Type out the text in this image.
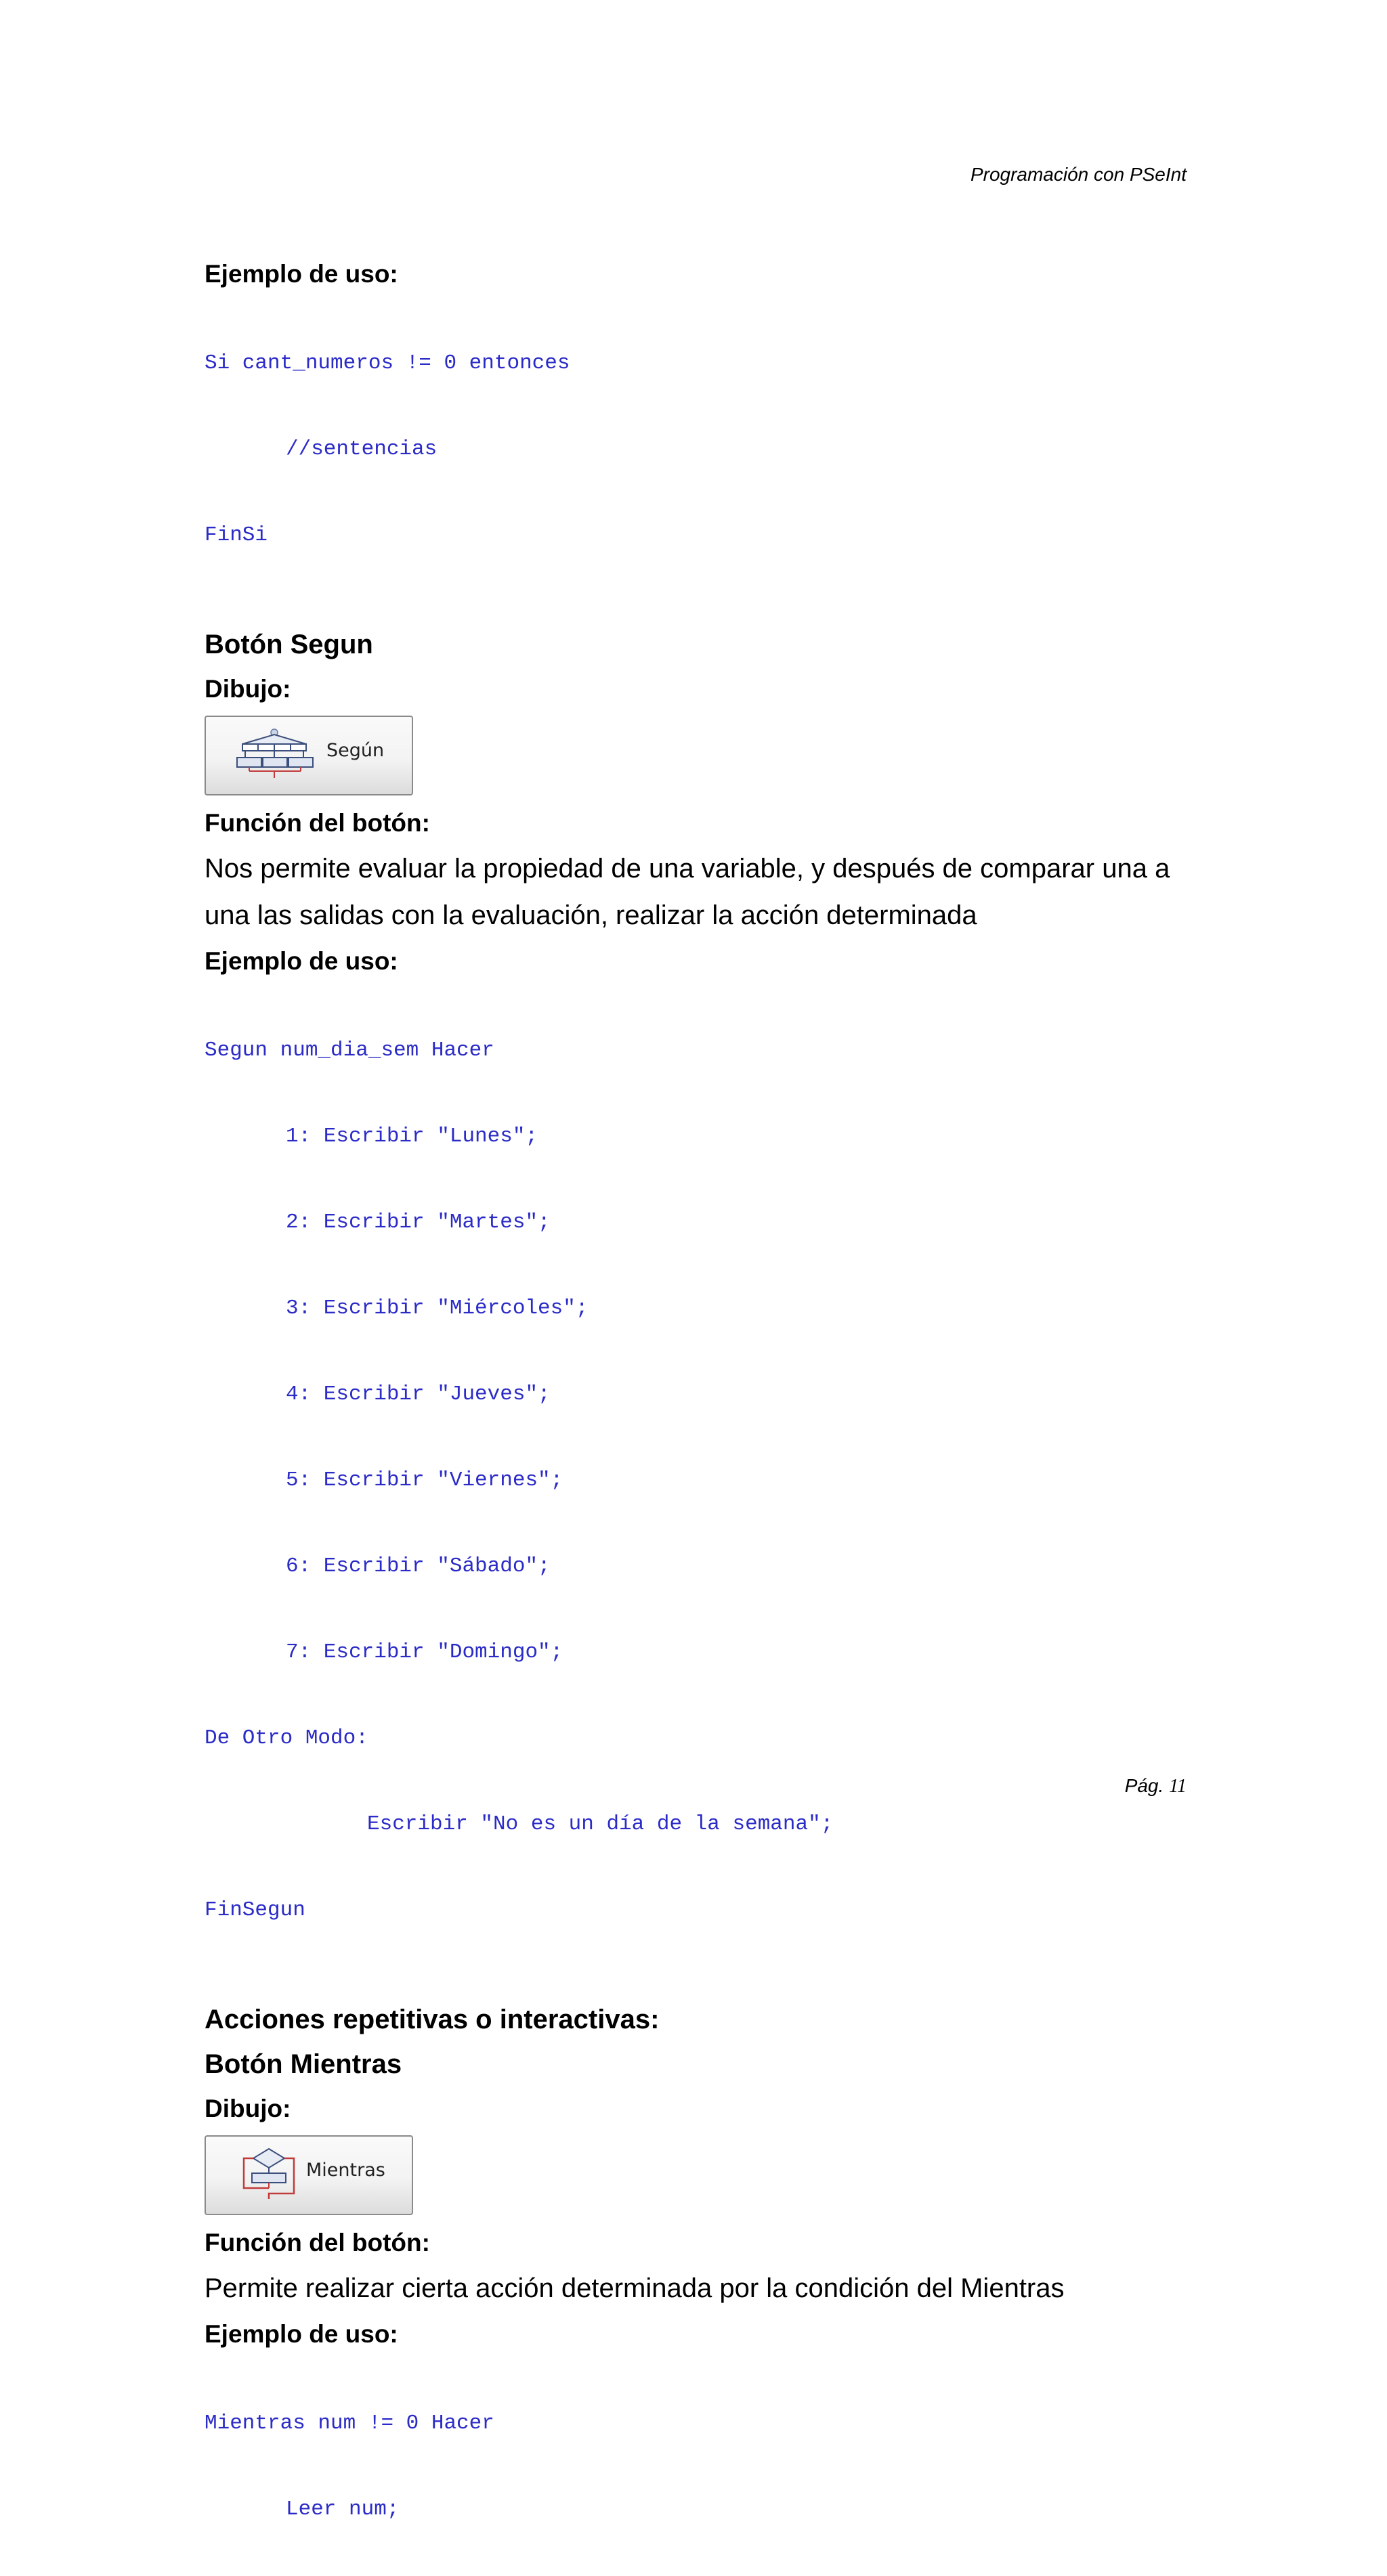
Programación con PSeInt

Ejemplo de uso:

Si cant_numeros != 0 entonces

//sentencias

FinSi

Botón Segun

Dibujo:

Según

Función del botón:

Nos permite evaluar la propiedad de una variable, y después de comparar una a

una las salidas con la evaluación, realizar la acción determinada

Ejemplo de uso:

Segun num_dia_sem Hacer

1: Escribir "Lunes";

2: Escribir "Martes";

3: Escribir "Miércoles";

4: Escribir "Jueves";

5: Escribir "Viernes";

6: Escribir "Sábado";

7: Escribir "Domingo";

De Otro Modo:

Escribir "No es un día de la semana";

FinSegun

Acciones repetitivas o interactivas:

Botón Mientras

Dibujo:

Mientras

Función del botón:

Permite realizar cierta acción determinada por la condición del Mientras

Ejemplo de uso:

Mientras num != 0 Hacer

Leer num;

Pág. 11
